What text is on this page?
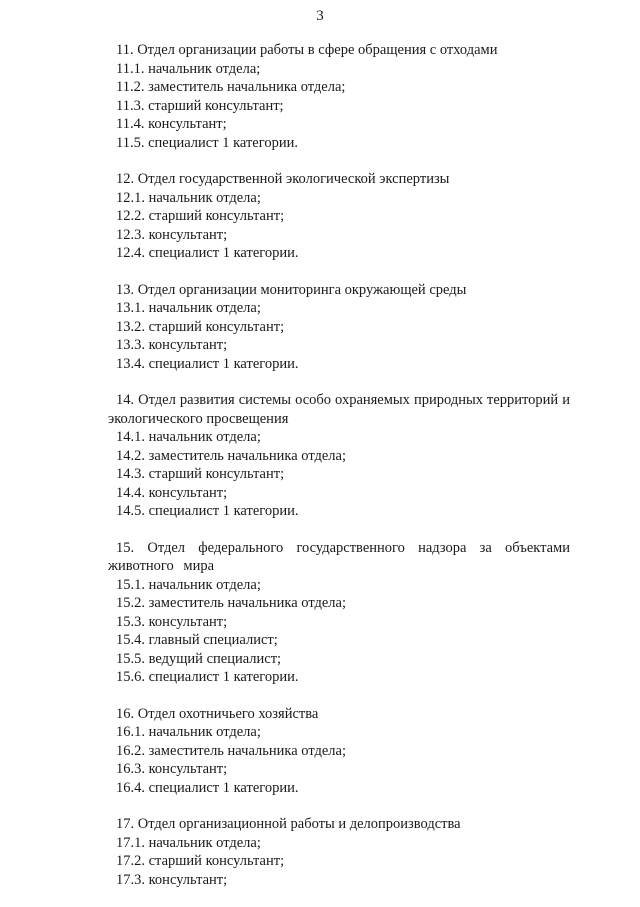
3
11. Отдел организации работы в сфере обращения с отходами
11.1. начальник отдела;
11.2. заместитель начальника отдела;
11.3. старший консультант;
11.4. консультант;
11.5. специалист 1 категории.
12. Отдел государственной экологической экспертизы
12.1. начальник отдела;
12.2. старший консультант;
12.3. консультант;
12.4. специалист 1 категории.
13. Отдел организации мониторинга окружающей среды
13.1. начальник отдела;
13.2. старший консультант;
13.3. консультант;
13.4. специалист 1 категории.
14. Отдел развития системы особо охраняемых природных территорий и экологического просвещения
14.1. начальник отдела;
14.2. заместитель начальника отдела;
14.3. старший консультант;
14.4. консультант;
14.5. специалист 1 категории.
15. Отдел федерального государственного надзора за объектами животного мира
15.1. начальник отдела;
15.2. заместитель начальника отдела;
15.3. консультант;
15.4. главный специалист;
15.5. ведущий специалист;
15.6. специалист 1 категории.
16. Отдел охотничьего хозяйства
16.1. начальник отдела;
16.2. заместитель начальника отдела;
16.3. консультант;
16.4. специалист 1 категории.
17. Отдел организационной работы и делопроизводства
17.1. начальник отдела;
17.2. старший консультант;
17.3. консультант;
